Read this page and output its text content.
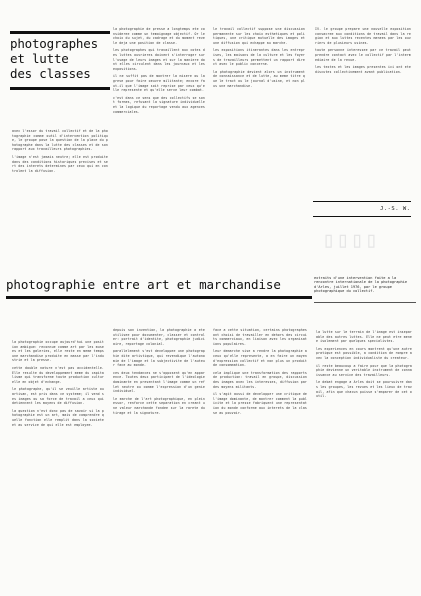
photographes
et lutte
des classes

avec l'essor du travail collectif et de la photographie comme outil d'intervention politique, le groupe pose la question de la place du photographe dans la lutte des classes et de son rapport aux travailleurs photographies.

l'image n'est jamais neutre; elle est produite dans des conditions historiques precises et sert des interets determines par ceux qui en controlent la diffusion.

la photographie de presse a longtemps ete consideree comme un temoignage objectif. Or le choix du sujet, du cadrage et du moment revele deja une position de classe.

les photographes qui travaillent aux cotes des luttes ouvrieres doivent s'interroger sur l'usage de leurs images et sur la maniere dont elles circulent dans les journaux et les expositions.

il ne suffit pas de montrer la misere ou la greve pour faire oeuvre militante; encore faut-il que l'image soit reprise par ceux qu'elle represente et qu'elle serve leur combat.

c'est dans ce sens que des collectifs se sont formes, refusant la signature individuelle et la logique du reportage vendu aux agences commerciales.

le travail collectif suppose une discussion permanente sur les choix esthetiques et politiques, une critique mutuelle des images et une diffusion qui echappe au marche.

les expositions itinerantes dans les entreprises, les maisons de la culture et les foyers de travailleurs permettent un rapport direct avec le public concerne.

la photographie devient alors un instrument de connaissance et de lutte, au meme titre que le tract ou le journal d'usine, et non plus une marchandise.

IV. le groupe prepare une nouvelle exposition consacree aux conditions de travail dans la region et aux luttes recentes menees par les ouvriers de plusieurs usines.

toute personne interessee par ce travail peut prendre contact avec le collectif par l'intermediaire de la revue.

les textes et les images presentes ici ont ete discutes collectivement avant publication.

J.-S. W.
▯▯▯▯
photographie entre art et marchandise	extraits d'une intervention faite a la rencontre internationale de la photographie d'Arles, juillet 1976, par le groupe photographique du collectif.

la photographie occupe aujourd'hui une position ambigue: reconnue comme art par les musees et les galeries, elle reste en meme temps une marchandise produite en masse par l'industrie et la presse.

cette double nature n'est pas accidentelle. Elle resulte du developpement meme du capitalisme qui transforme toute production culturelle en objet d'echange.

le photographe, qu'il se veuille artiste ou artisan, est pris dans ce systeme; il vend ses images ou sa force de travail a ceux qui detiennent les moyens de diffusion.

la question n'est donc pas de savoir si la photographie est un art, mais de comprendre quelle fonction elle remplit dans la societe et au service de qui elle est employee.

depuis son invention, la photographie a ete utilisee pour documenter, classer et controler: portrait d'identite, photographie judiciaire, reportage colonial.

parallelement s'est developpee une photographie dite artistique, qui revendique l'autonomie de l'image et la subjectivite de l'auteur face au monde.

ces deux tendances ne s'opposent qu'en apparence. Toutes deux participent de l'ideologie dominante en presentant l'image comme un reflet neutre ou comme l'expression d'un genie individuel.

le marche de l'art photographique, en plein essor, renforce cette separation en creant une valeur marchande fondee sur la rarete du tirage et la signature.

face a cette situation, certains photographes ont choisi de travailler en dehors des circuits commerciaux, en liaison avec les organisations populaires.

leur demarche vise a rendre la photographie a ceux qu'elle represente, a en faire un moyen d'expression collectif et non plus un produit de consommation.

cela implique une transformation des rapports de production: travail en groupe, discussion des images avec les interesses, diffusion par des moyens militants.

il s'agit aussi de developper une critique de l'image dominante, de montrer comment la publicite et la presse fabriquent une representation du monde conforme aux interets de la classe au pouvoir.

la lutte sur le terrain de l'image est inseparable des autres luttes. Elle ne peut etre menee isolement par quelques specialistes.

les experiences en cours montrent qu'une autre pratique est possible, a condition de rompre avec la conception individualiste du createur.

il reste beaucoup a faire pour que la photographie devienne un veritable instrument de connaissance au service des travailleurs.

le debat engage a Arles doit se poursuivre dans les groupes, les revues et les lieux de travail, afin que chacun puisse s'emparer de cet outil.
